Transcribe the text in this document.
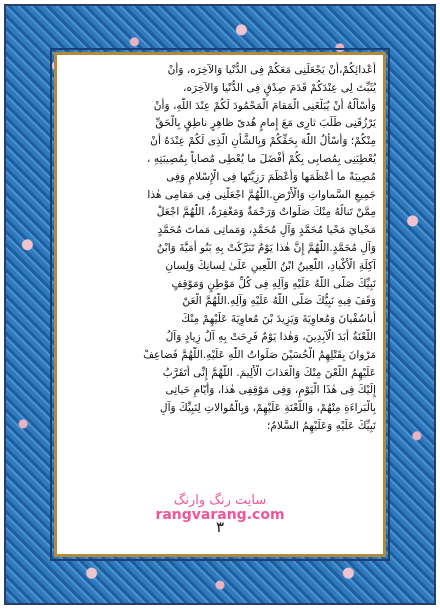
أَعْدائِكُمْ،أَنْ يَجْعَلَنِى مَعَكُمْ فِى الدُّنْيا وَالآخِرَه، وَأَنْ
يُثَبِّتَ لِى عِنْدَكُمْ قَدَمَ صِدْقٍ فِى الدُّنْيا وَالآخِرَه،
وَأَسْأَلُهُ أَنْ يُبَلِّغَنِى الْمَقامَ الْمَحْمُودَ لَكُمْ عِنْدَ اللّٰهِ، وَأَنْ
يَرْزُقَنِى طَلَبَ ثارِى مَعَ إِمامٍ هُدىً ظاهِرٍ ناطِقٍ بِالْحَقِّ
مِنْكُمْ؛ وَأَسْأَلُ اللّٰهَ بِحَقِّكُمْ وَبِالشَّأْنِ الَّذِى لَكُمْ عِنْدَهُ أَنْ
يُعْطِيَنِى بِمُصابِى بِكُمْ أَفْضَلَ ما يُعْطِى مُصاباً بِمُصِيبَتِهِ ،
مُصِيبَةً ما أَعْظَمَها وَأَعْظَمَ رَزِيَّتَها فِى الْإِسْلامِ وَفِى
جَمِيعِ السَّماواتِ وَالْأَرْضِ.اللّٰهُمَّ اجْعَلْنِى فِى مَقامِى هٰذا
مِمَّنْ تَنالُهُ مِنْكَ صَلَواتٌ وَرَحْمَةٌ وَمَغْفِرَةٌ، اللّٰهُمَّ اجْعَلْ
مَحْيايَ مَحْيا مُحَمَّدٍ وَآلِ مُحَمَّدٍ، وَمَماتِى مَماتَ مُحَمَّدٍ
وَآلِ مُحَمَّدٍ.اللّٰهُمَّ إِنَّ هٰذا يَوْمٌ تَبَرَّكَتْ بِهِ بَنُو أُمَيَّةَ وَابْنُ
آكِلَةِ الْأَكْبادِ، اللَّعِينُ ابْنُ اللَّعِينِ عَلَىٰ لِسانِكَ وَلِسانِ
نَبِيِّكَ صَلَّى اللّٰهُ عَلَيْهِ وَآلِهِ فِى كُلِّ مَوْطِنٍ وَمَوْقِفٍ
وَقَفَ فِيهِ نَبِيُّكَ صَلَّى اللّٰهُ عَلَيْهِ وَآلِهِ.اللّٰهُمَّ الْعَنْ
أَباسُفْيانَ وَمُعاوِيَةَ وَيَزِيدَ بْنَ مُعاوِيَةَ عَلَيْهِمْ مِنْكَ
اللَّعْنَةُ أَبَدَ الْآبِدِينَ، وَهٰذا يَوْمٌ فَرِحَتْ بِهِ آلُ زِيادٍ وَآلُ
مَرْوانَ بِقَتْلِهِمُ الْحُسَيْنَ صَلَواتُ اللّٰهِ عَلَيْهِ.اللّٰهُمَّ فَضاعِفْ
عَلَيْهِمُ اللَّعْنَ مِنْكَ وَالْعَذابَ الْأَلِيمَ. اللّٰهُمَّ إِنِّى أَتَقَرَّبُ
إِلَيْكَ فِى هٰذَا الْيَوْمِ، وَفِى مَوْقِفِى هٰذا، وَأَيّامِ حَياتِى
بِالْبَراءَةِ مِنْهُمْ، وَاللَّعْنَةِ عَلَيْهِمْ، وَبِالْمُوالاتِ لِنَبِيِّكَ وَآلِ
نَبِيِّكَ عَلَيْهِ وَعَلَيْهِمُ السَّلامُ؛
سایت رنگ وارنگ
rangvarang.com
٣
